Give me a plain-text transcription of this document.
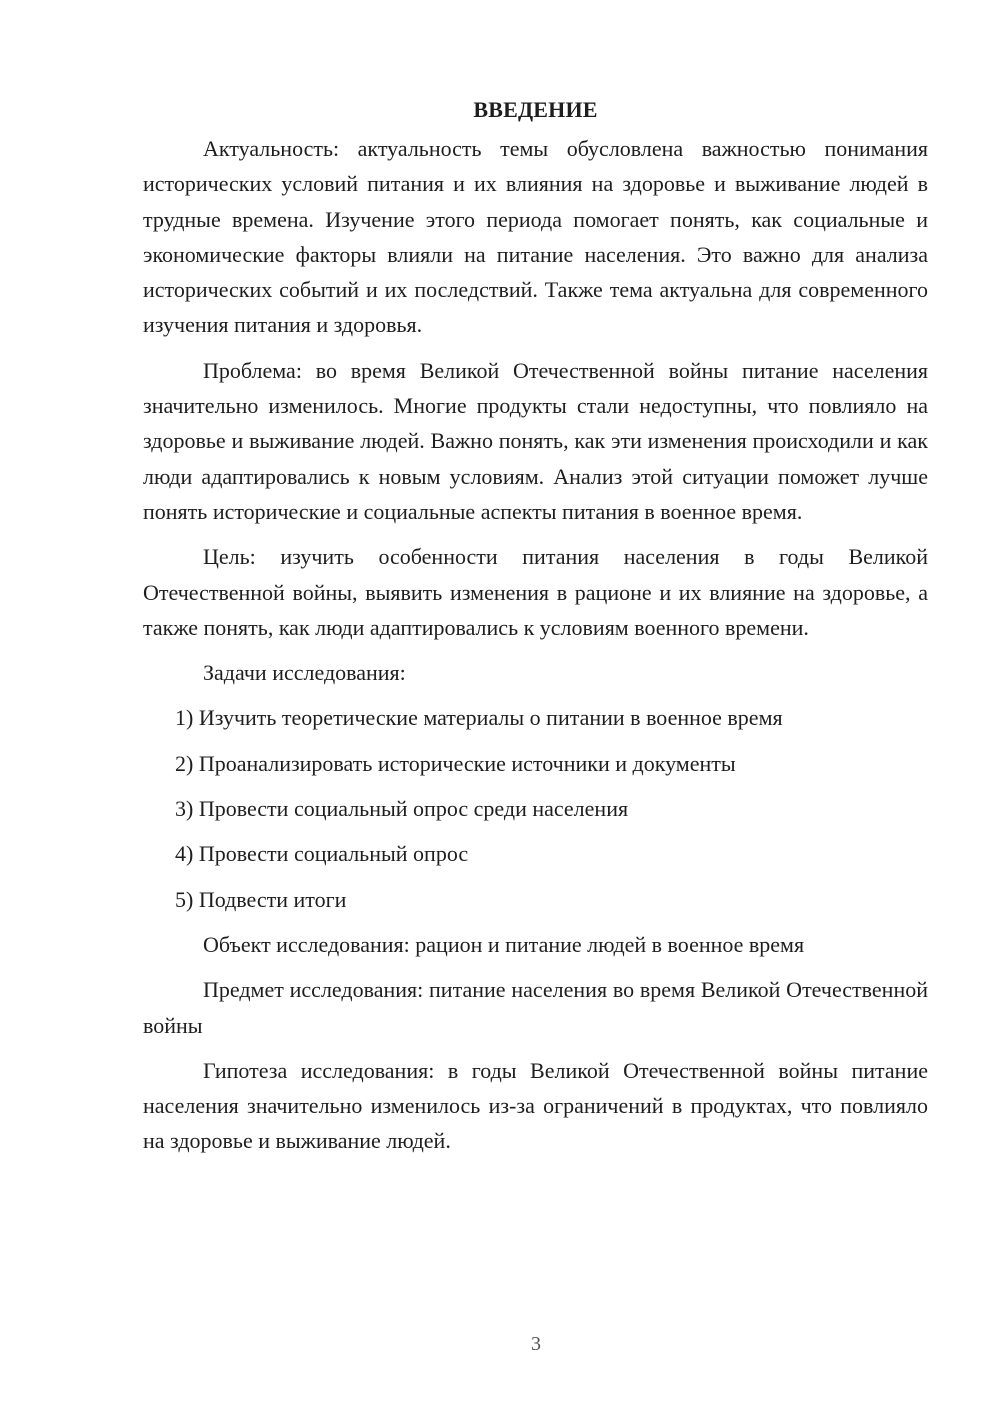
ВВЕДЕНИЕ

Актуальность: актуальность темы обусловлена важностью понимания исторических условий питания и их влияния на здоровье и выживание людей в трудные времена. Изучение этого периода помогает понять, как социальные и экономические факторы влияли на питание населения. Это важно для анализа исторических событий и их последствий. Также тема актуальна для современного изучения питания и здоровья.

Проблема: во время Великой Отечественной войны питание населения значительно изменилось. Многие продукты стали недоступны, что повлияло на здоровье и выживание людей. Важно понять, как эти изменения происходили и как люди адаптировались к новым условиям. Анализ этой ситуации поможет лучше понять исторические и социальные аспекты питания в военное время.

Цель: изучить особенности питания населения в годы Великой Отечественной войны, выявить изменения в рационе и их влияние на здоровье, а также понять, как люди адаптировались к условиям военного времени.

Задачи исследования:

1) Изучить теоретические материалы о питании в военное время
2) Проанализировать исторические источники и документы
3) Провести социальный опрос среди населения
4) Провести социальный опрос
5) Подвести итоги

Объект исследования: рацион и питание людей в военное время

Предмет исследования: питание населения во время Великой Отечественной войны

Гипотеза исследования: в годы Великой Отечественной войны питание населения значительно изменилось из-за ограничений в продуктах, что повлияло на здоровье и выживание людей.

3
